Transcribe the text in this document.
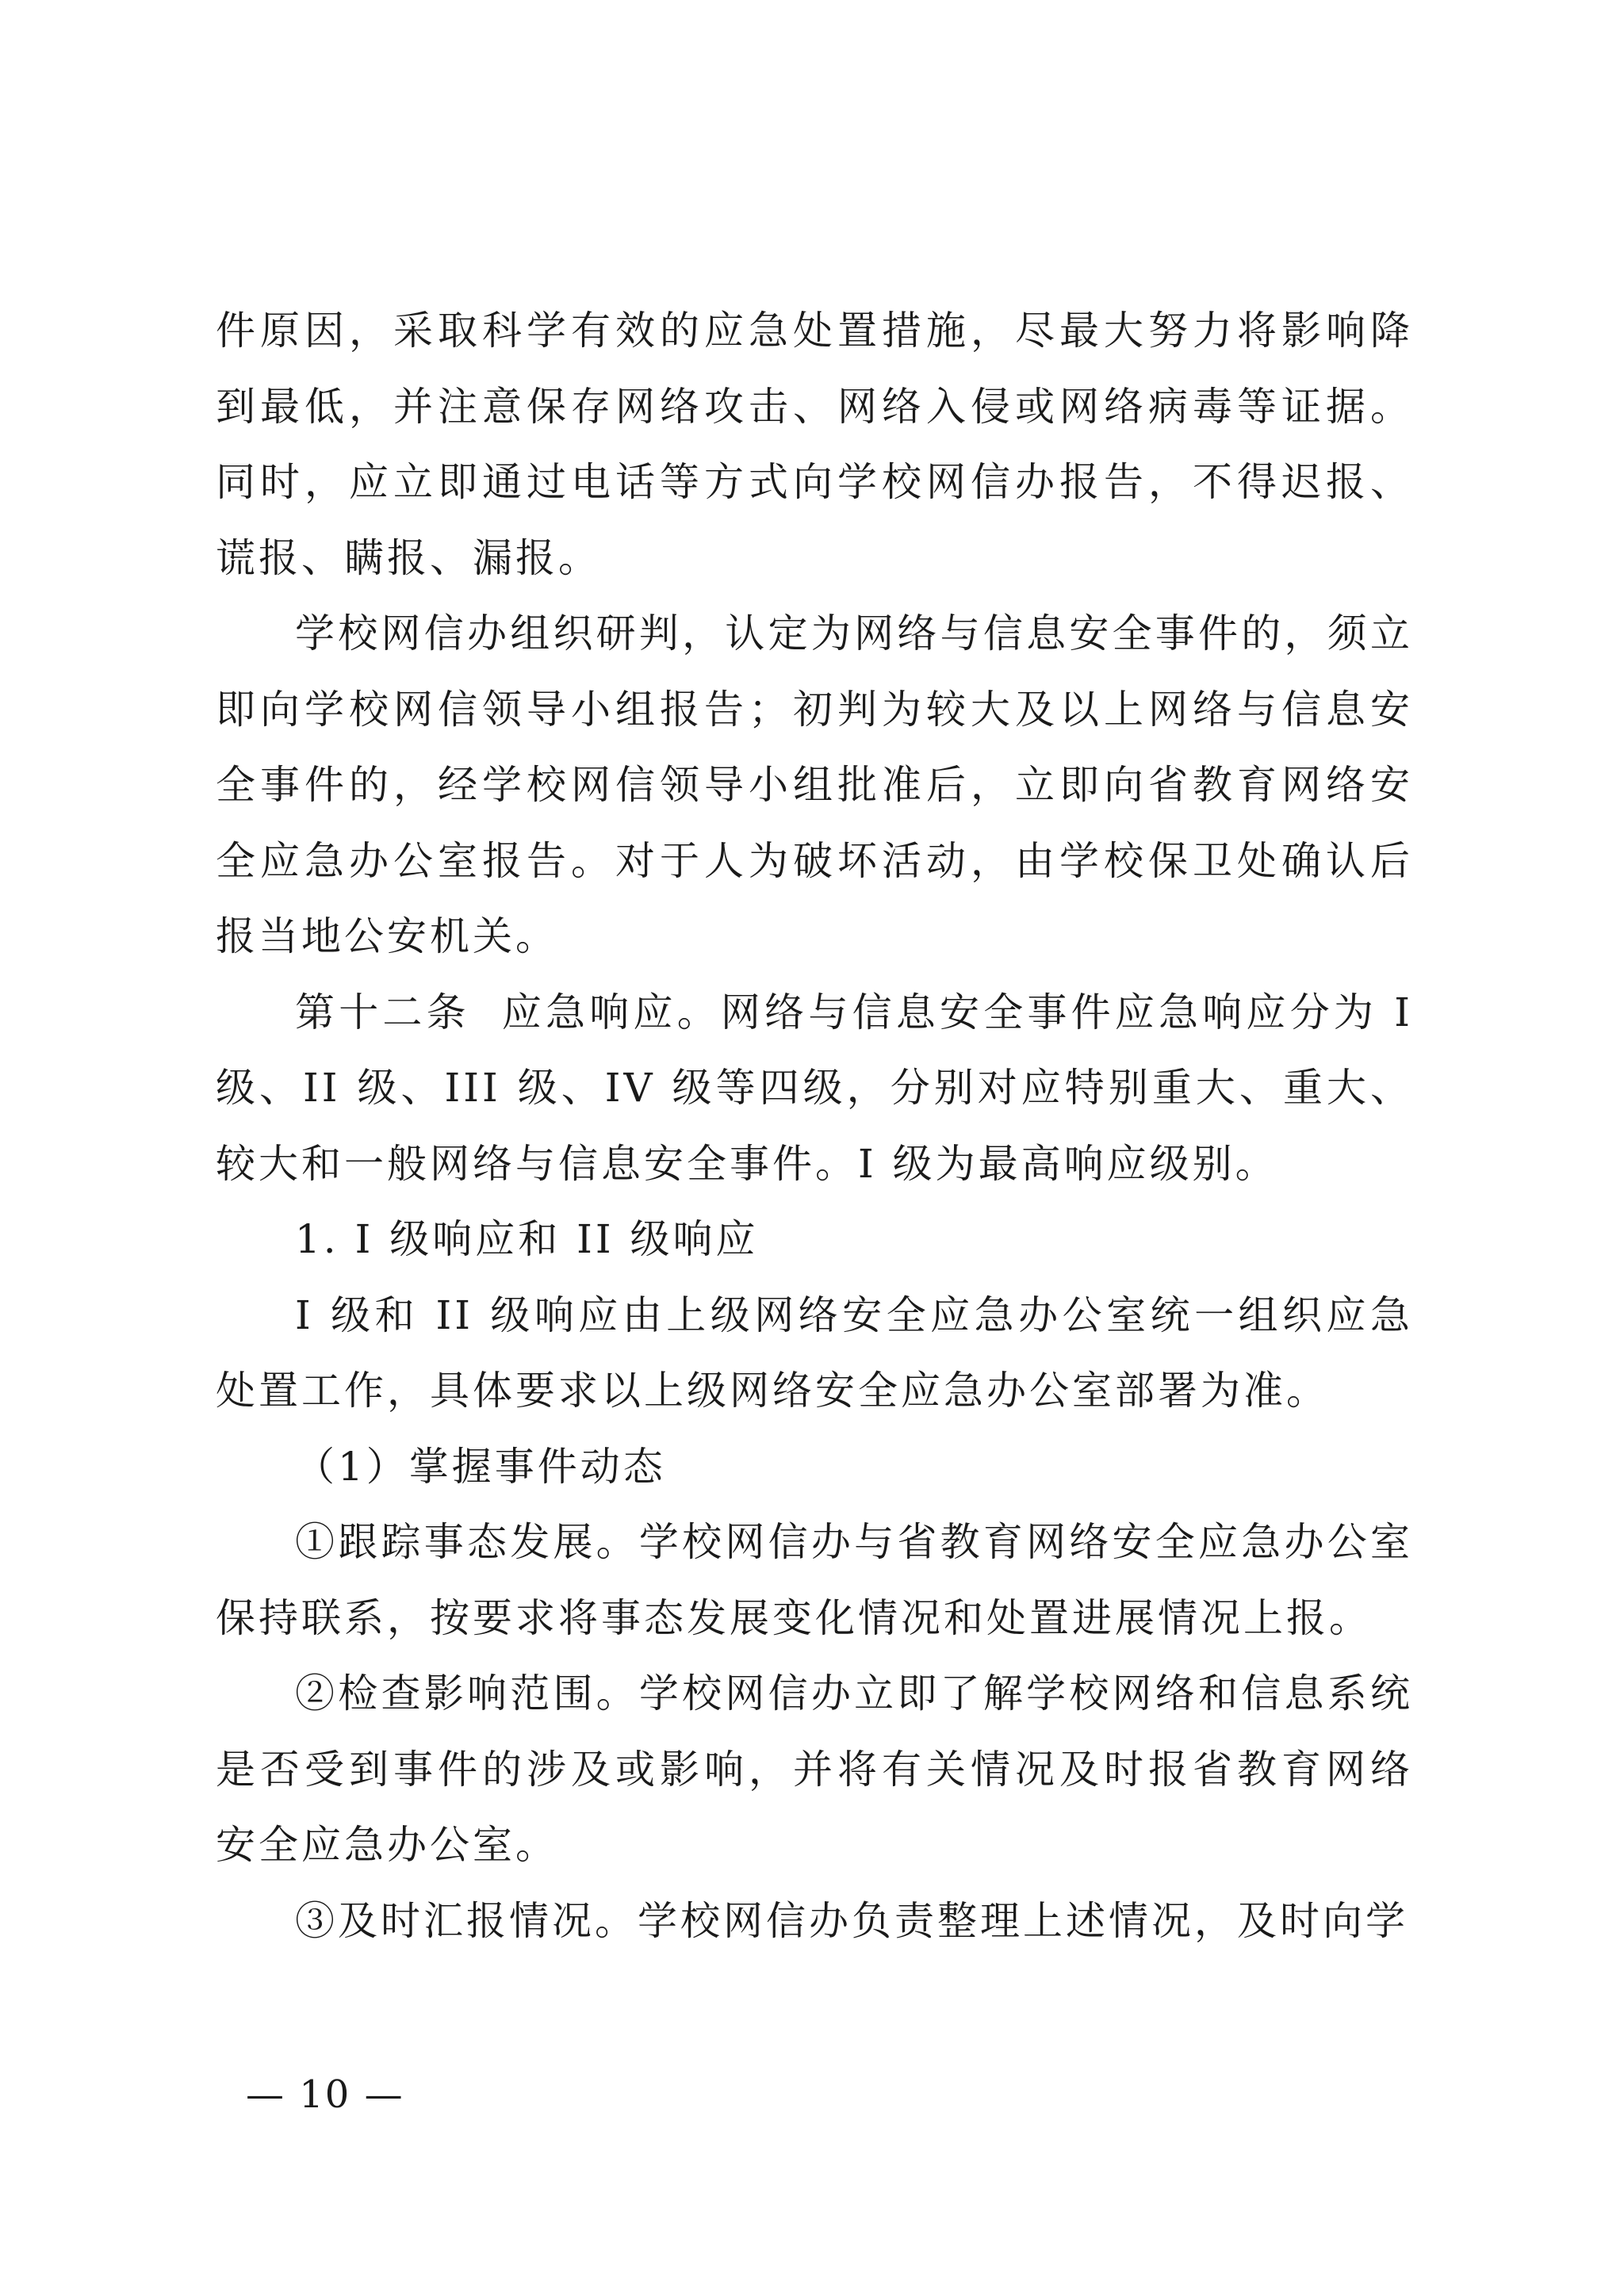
件原因，采取科学有效的应急处置措施，尽最大努力将影响降到最低，并注意保存网络攻击、网络入侵或网络病毒等证据。同时，应立即通过电话等方式向学校网信办报告，不得迟报、谎报、瞒报、漏报。

学校网信办组织研判，认定为网络与信息安全事件的，须立即向学校网信领导小组报告；初判为较大及以上网络与信息安全事件的，经学校网信领导小组批准后，立即向省教育网络安全应急办公室报告。对于人为破坏活动，由学校保卫处确认后报当地公安机关。

第十二条 应急响应。网络与信息安全事件应急响应分为 I 级、II 级、III 级、IV 级等四级，分别对应特别重大、重大、较大和一般网络与信息安全事件。I 级为最高响应级别。

1. I 级响应和 II 级响应

I 级和 II 级响应由上级网络安全应急办公室统一组织应急处置工作，具体要求以上级网络安全应急办公室部署为准。

（1）掌握事件动态

①跟踪事态发展。学校网信办与省教育网络安全应急办公室保持联系，按要求将事态发展变化情况和处置进展情况上报。

②检查影响范围。学校网信办立即了解学校网络和信息系统是否受到事件的涉及或影响，并将有关情况及时报省教育网络安全应急办公室。

③及时汇报情况。学校网信办负责整理上述情况，及时向学

— 10 —
